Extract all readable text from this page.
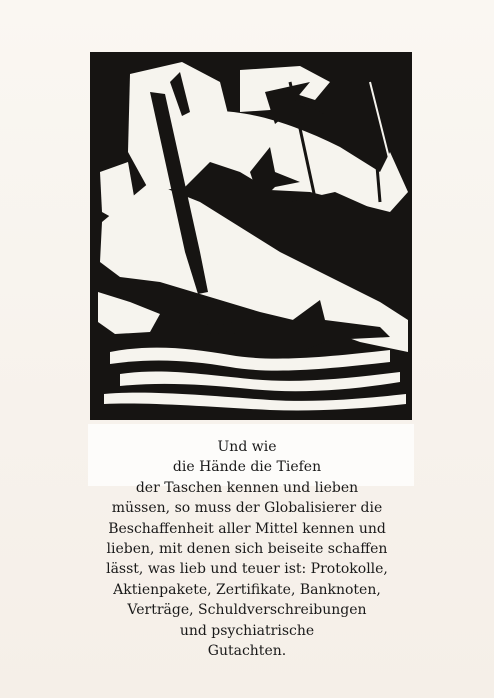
Und wie
die Hände die Tiefen
der Taschen kennen und lieben
müssen, so muss der Globalisierer die
Beschaffenheit aller Mittel kennen und
lieben, mit denen sich beiseite schaffen
lässt, was lieb und teuer ist: Protokolle,
Aktienpakete, Zertifikate, Banknoten,
Verträge, Schuldverschreibungen
und psychiatrische
Gutachten.
